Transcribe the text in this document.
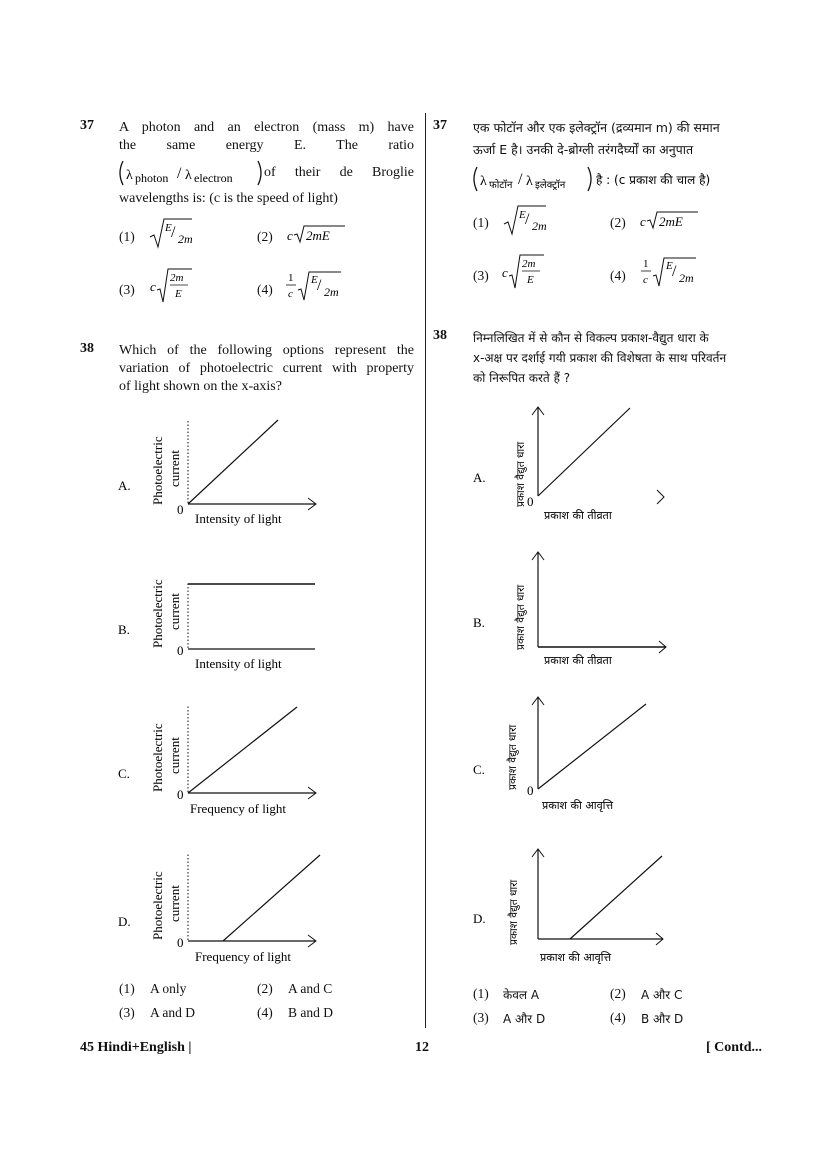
37 A photon and an electron (mass m) have
the same energy E. The ratio
λ photon / λ electron of their de Broglie
wavelengths is: (c is the speed of light)
(1)
E / 2m	(2) c 2mE
(3) c
2m
E	(4)
1
c
E / 2m
38 Which of the following options represent the
variation of photoelectric current with property
of light shown on the x-axis?
A. Photoelectric current
0
Intensity of light
B. Photoelectric current
0
Intensity of light
C. Photoelectric current
0
Frequency of light
D. Photoelectric current
0
Frequency of light
(1) A only	(2) A and C
(3) A and D	(4) B and D
37 एक फोटॉन और एक इलेक्ट्रॉन (द्रव्यमान m) की समान
ऊर्जा E है। उनकी दे-ब्रोग्ली तरंगदैर्घ्यों का अनुपात
λ फोटॉन / λ इलेक्ट्रॉन	है : (c प्रकाश की चाल है)
(1)	E / 2m	(2) c 2mE
(3) c
2m
E	(4)
1
c
E / 2m
38 निम्नलिखित में से कौन से विकल्प प्रकाश-वैद्युत धारा के
x-अक्ष पर दर्शाई गयी प्रकाश की विशेषता के साथ परिवर्तन
को निरूपित करते हैं ?
A.	प्रकाश वैद्युत धारा 0
प्रकाश की तीव्रता
B.	प्रकाश वैद्युत धारा
प्रकाश की तीव्रता
C. प्रकाश वैद्युत धारा
0
प्रकाश की आवृत्ति
D. प्रकाश वैद्युत धारा
प्रकाश की आवृत्ति
(1) केवल A	(2) A और C
(3) A और D	(4) B और D
45 Hindi+English |	12	[ Contd...
